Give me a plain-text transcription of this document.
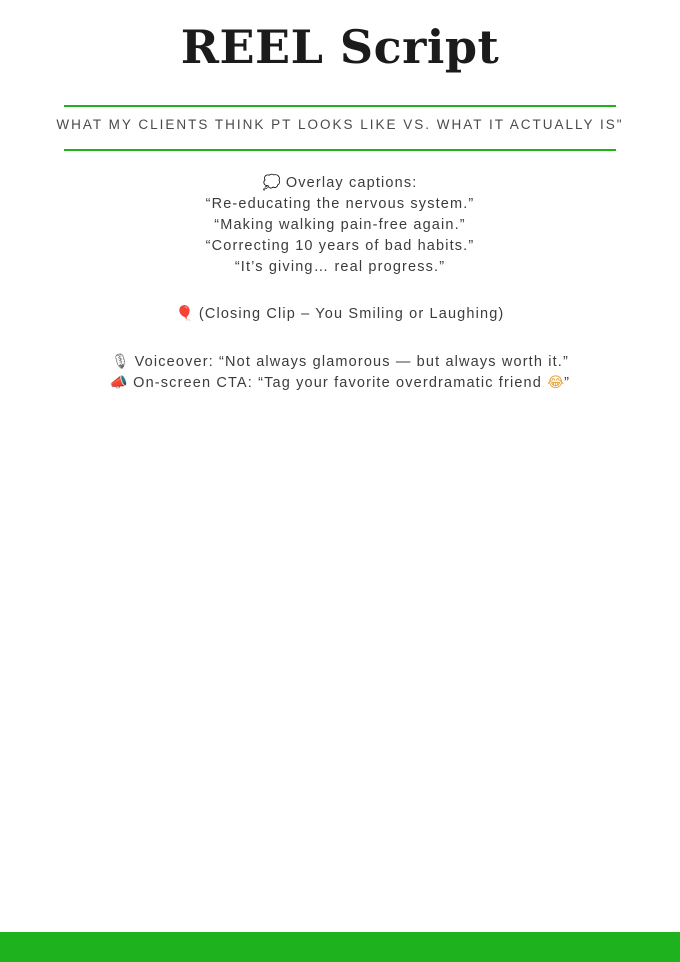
REEL Script
WHAT MY CLIENTS THINK PT LOOKS LIKE VS. WHAT IT ACTUALLY IS"

💭 Overlay captions:

“Re-educating the nervous system.”

“Making walking pain-free again.”

“Correcting 10 years of bad habits.”

“It’s giving… real progress.”

🎈 (Closing Clip – You Smiling or Laughing)

🎙 Voiceover: “Not always glamorous — but always worth it.”

📣 On-screen CTA: “Tag your favorite overdramatic friend 😂”
